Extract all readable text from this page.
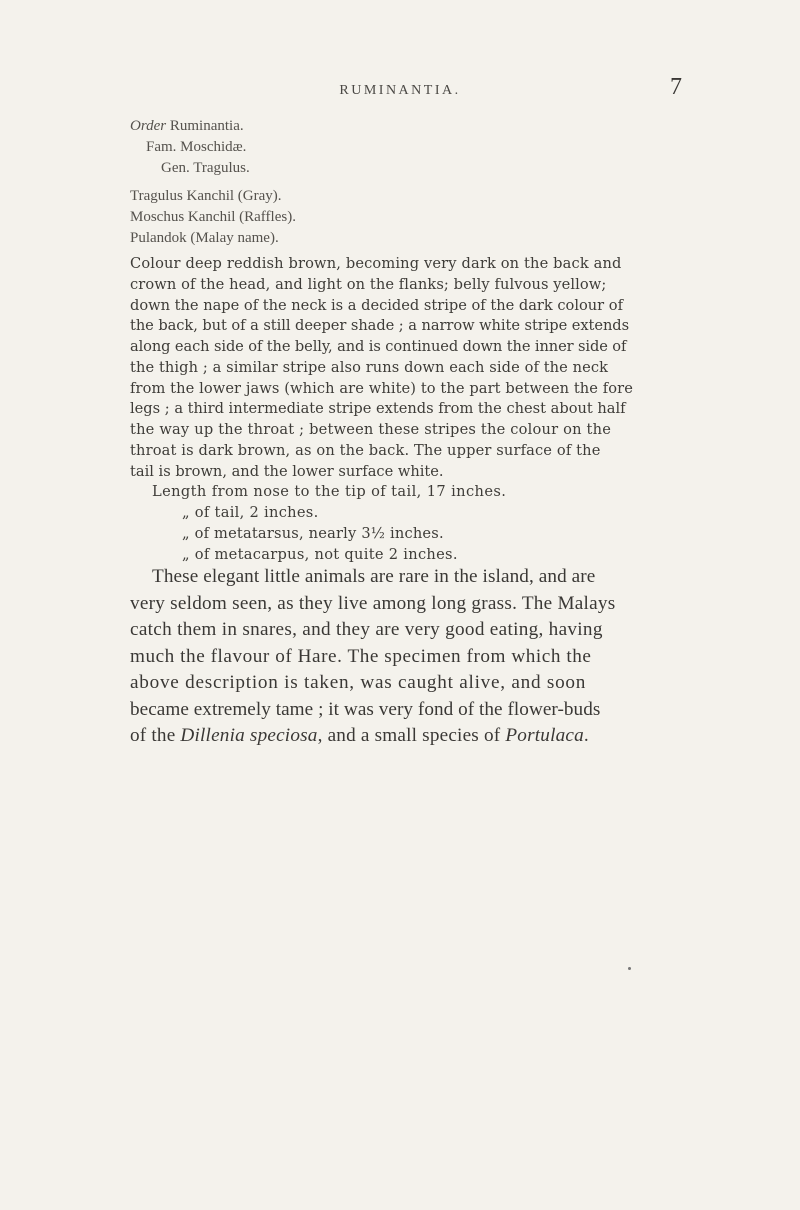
RUMINANTIA.	7
Order Ruminantia.
Fam. Moschidæ.
Gen. Tragulus.
Tragulus Kanchil (Gray).
Moschus Kanchil (Raffles).
Pulandok (Malay name).
Colour deep reddish brown, becoming very dark on the back and
crown of the head, and light on the flanks; belly fulvous yellow;
down the nape of the neck is a decided stripe of the dark colour of
the back, but of a still deeper shade ; a narrow white stripe extends
along each side of the belly, and is continued down the inner side of
the thigh ; a similar stripe also runs down each side of the neck
from the lower jaws (which are white) to the part between the fore
legs ; a third intermediate stripe extends from the chest about half
the way up the throat ; between these stripes the colour on the
throat is dark brown, as on the back. The upper surface of the
tail is brown, and the lower surface white.
Length from nose to the tip of tail, 17 inches.
„ of tail, 2 inches.
„ of metatarsus, nearly 3½ inches.
„ of metacarpus, not quite 2 inches.
These elegant little animals are rare in the island, and are
very seldom seen, as they live among long grass. The Malays
catch them in snares, and they are very good eating, having
much the flavour of Hare. The specimen from which the
above description is taken, was caught alive, and soon
became extremely tame ; it was very fond of the flower-buds
of the Dillenia speciosa, and a small species of Portulaca.
